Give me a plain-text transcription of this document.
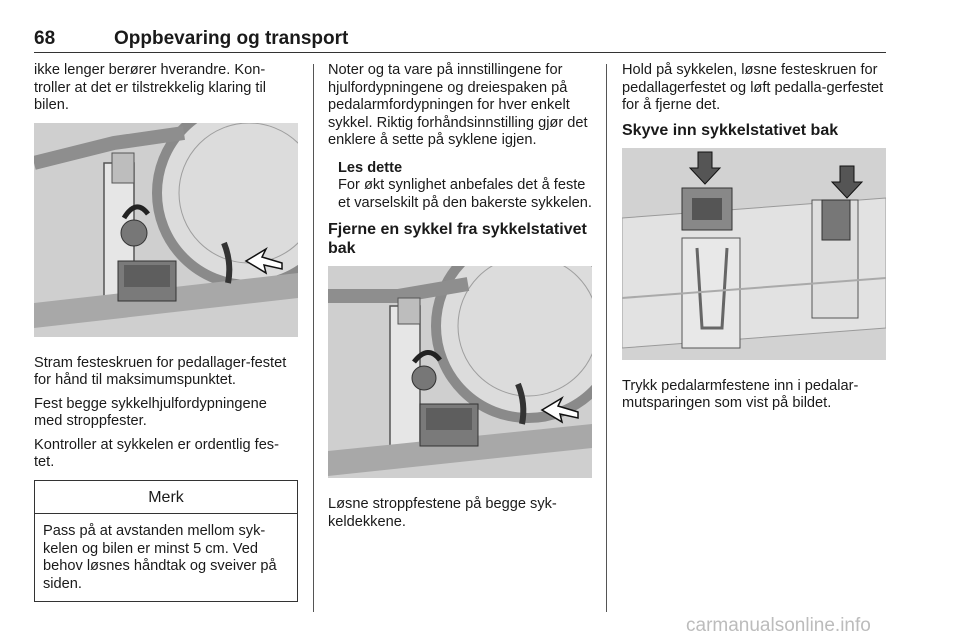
68	Oppbevaring og transport

ikke lenger berører hverandre. Kon-troller at det er tilstrekkelig klaring til bilen.

Stram festeskruen for pedallager-festet for hånd til maksimumspunktet.

Fest begge sykkelhjulfordypningene med stroppfester.

Kontroller at sykkelen er ordentlig fes-tet.

Merk
Pass på at avstanden mellom syk-kelen og bilen er minst 5 cm. Ved behov løsnes håndtak og sveiver på siden.

Noter og ta vare på innstillingene for hjulfordypningene og dreiespaken på pedalarmfordypningen for hver enkelt sykkel. Riktig forhåndsinnstilling gjør det enklere å sette på syklene igjen.

Les dette
For økt synlighet anbefales det å feste et varselskilt på den bakerste sykkelen.
Fjerne en sykkel fra sykkelstativet bak

Løsne stroppfestene på begge syk-keldekkene.

Hold på sykkelen, løsne festeskruen for pedallagerfestet og løft pedalla-gerfestet for å fjerne det.

Skyve inn sykkelstativet bak

Trykk pedalarmfestene inn i pedalar-mutsparingen som vist på bildet.

carmanualsonline.info
